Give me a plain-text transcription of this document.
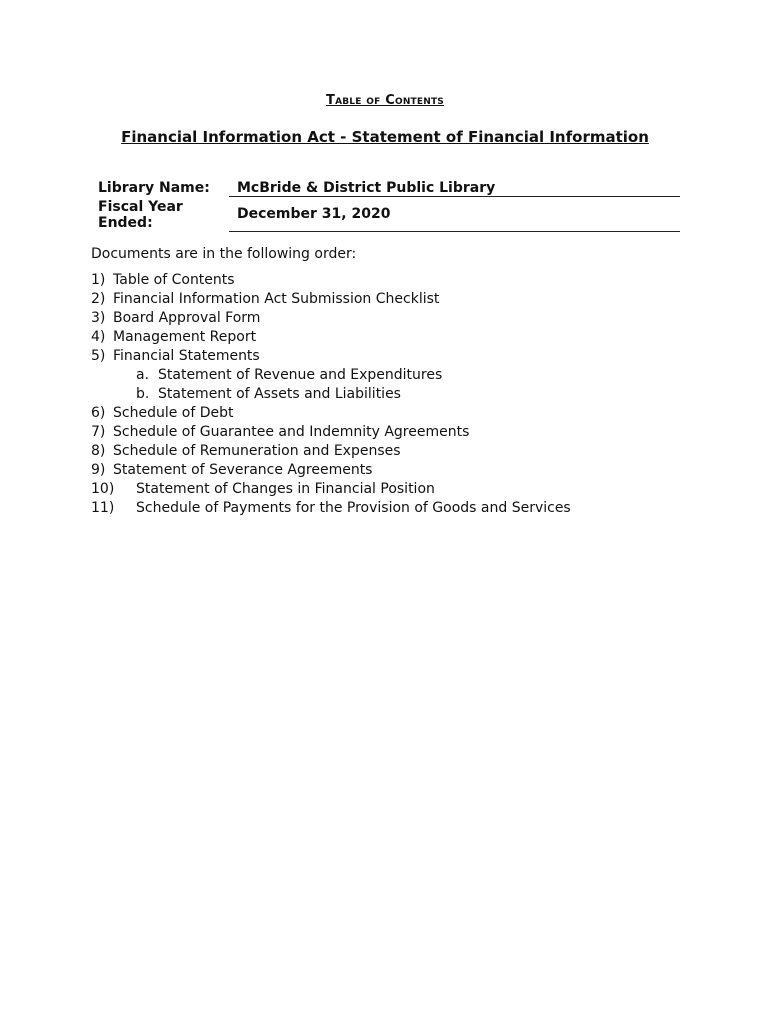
Table of Contents
Financial Information Act - Statement of Financial Information
Library Name:	McBride & District Public Library
Fiscal Year
Ended:
December 31, 2020
Documents are in the following order:
1) Table of Contents
2) Financial Information Act Submission Checklist
3) Board Approval Form
4) Management Report
5) Financial Statements
a. Statement of Revenue and Expenditures
b. Statement of Assets and Liabilities
6) Schedule of Debt
7) Schedule of Guarantee and Indemnity Agreements
8) Schedule of Remuneration and Expenses
9) Statement of Severance Agreements
10) Statement of Changes in Financial Position
11) Schedule of Payments for the Provision of Goods and Services
